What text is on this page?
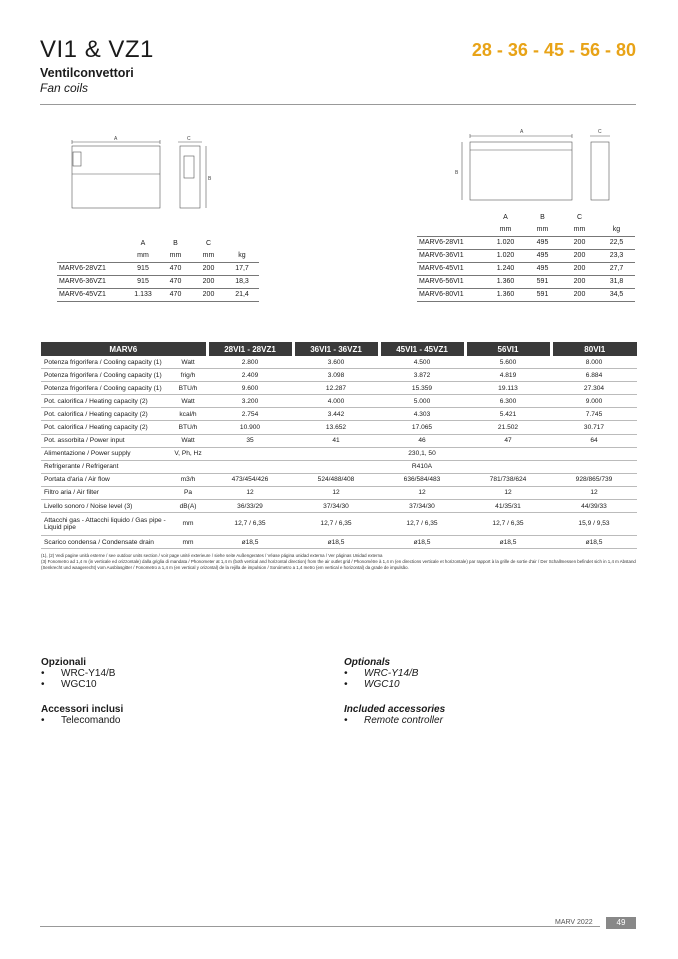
VI1 & VZ1	28 - 36 - 45 - 56 - 80
Ventilconvettori
Fan coils
A	C
B
A	C
B
	A	B	C	
	mm	mm	mm	kg
MARV6-28VZ1	915	470	200	17,7
MARV6-36VZ1	915	470	200	18,3
MARV6-45VZ1	1.133	470	200	21,4
	A	B	C	
	mm	mm	mm	kg
MARV6-28VI1	1.020	495	200	22,5
MARV6-36VI1	1.020	495	200	23,3
MARV6-45VI1	1.240	495	200	27,7
MARV6-56VI1	1.360	591	200	31,8
MARV6-80VI1	1.360	591	200	34,5
MARV6		28VI1 - 28VZ1	36VI1 - 36VZ1	45VI1 - 45VZ1	56VI1	80VI1
Potenza frigorifera / Cooling capacity (1)	Watt	2.800	3.600	4.500	5.600	8.000
Potenza frigorifera / Cooling capacity (1)	frig/h	2.409	3.098	3.872	4.819	6.884
Potenza frigorifera / Cooling capacity (1)	BTU/h	9.600	12.287	15.359	19.113	27.304
Pot. calorifica / Heating capacity (2)	Watt	3.200	4.000	5.000	6.300	9.000
Pot. calorifica / Heating capacity (2)	kcal/h	2.754	3.442	4.303	5.421	7.745
Pot. calorifica / Heating capacity (2)	BTU/h	10.900	13.652	17.065	21.502	30.717
Pot. assorbita / Power input	Watt	35	41	46	47	64
Alimentazione / Power supply	V, Ph, Hz	230,1, 50				
Refrigerante / Refrigerant		R410A				
Portata d'aria / Air flow	m3/h	473/454/426	524/488/408	636/584/483	781/738/624	928/865/739
Filtro aria / Air filter	Pa	12	12	12	12	12
Livello sonoro / Noise level (3)	dB(A)	36/33/29	37/34/30	37/34/30	41/35/31	44/39/33
Attacchi gas - Attacchi liquido / Gas pipe - Liquid pipe	mm	12,7 / 6,35	12,7 / 6,35	12,7 / 6,35	12,7 / 6,35	15,9 / 9,53
Scarico condensa / Condensate drain	mm	ø18,5	ø18,5	ø18,5	ø18,5	ø18,5
(1), (2) Vedi pagine unità esterne / see outdoor units section / voir page unité exterieure / siehe seite Außengerates / Véase página unidad externa / Ver páginas Unidad externa
(3) Fonometro ad 1,4 m (in verticale ed orizzontale) dalla griglia di mandata / Phonometer at 1,4 m (both vertical and horizontal direction) from the air outlet grid / Phonomètre à 1,4 m (en directions verticale et horizontale) par rapport à la grille de sortie d'air / Der Schallmessen befindet sich in 1,4 m Abstand (Senkrecht und waagerecht) vom Ausblasgitter / Fonometro a 1,4 m (en vertical y orizontal) de la rejilla de impulsion / Sonómetro a 1,4 metro (em vertical e horizontal) da grade de impulsão.
Opzionali
• WRC-Y14/B
• WGC10
Optionals
• WRC-Y14/B
• WGC10
Accessori inclusi
• Telecomando
Included accessories
• Remote controller
MARV 2022	49
